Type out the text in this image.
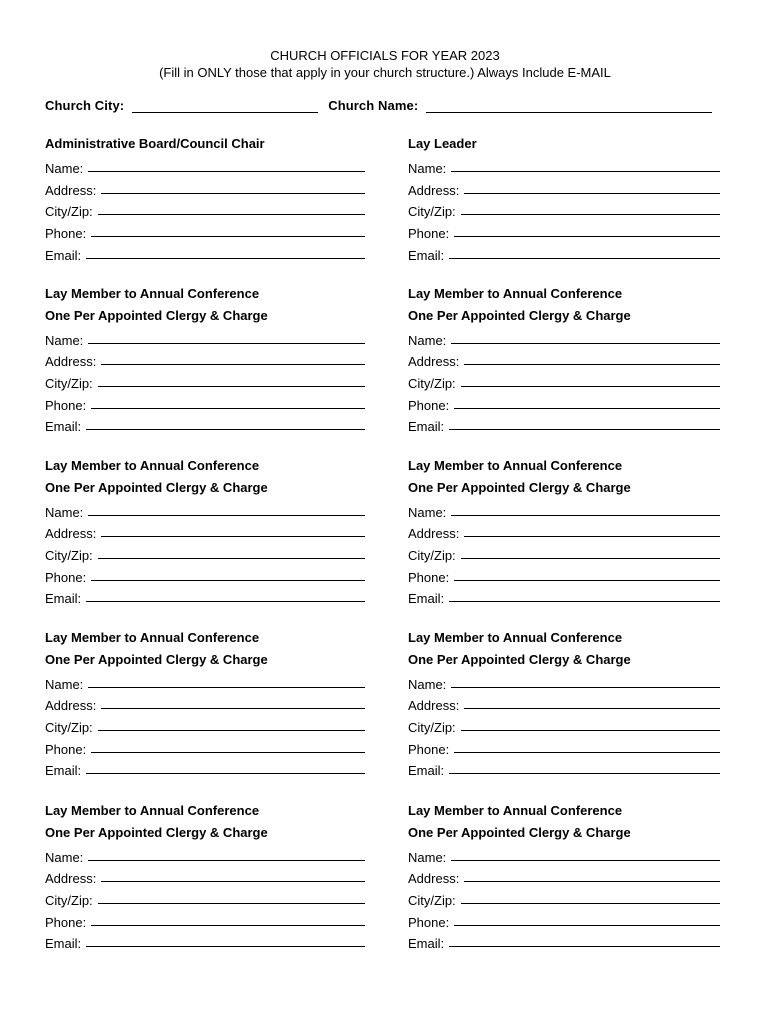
CHURCH OFFICIALS FOR YEAR 2023
(Fill in ONLY those that apply in your church structure.) Always Include E-MAIL
Church City:	Church Name:
Administrative Board/Council Chair
Name:
Address:
City/Zip:
Phone:
Email:
Lay Member to Annual Conference
One Per Appointed Clergy & Charge
Name:
Address:
City/Zip:
Phone:
Email:
Lay Member to Annual Conference
One Per Appointed Clergy & Charge
Name:
Address:
City/Zip:
Phone:
Email:
Lay Member to Annual Conference
One Per Appointed Clergy & Charge
Name:
Address:
City/Zip:
Phone:
Email:
Lay Member to Annual Conference
One Per Appointed Clergy & Charge
Name:
Address:
City/Zip:
Phone:
Email:
Lay Leader
Name:
Address:
City/Zip:
Phone:
Email:
Lay Member to Annual Conference
One Per Appointed Clergy & Charge
Name:
Address:
City/Zip:
Phone:
Email:
Lay Member to Annual Conference
One Per Appointed Clergy & Charge
Name:
Address:
City/Zip:
Phone:
Email:
Lay Member to Annual Conference
One Per Appointed Clergy & Charge
Name:
Address:
City/Zip:
Phone:
Email:
Lay Member to Annual Conference
One Per Appointed Clergy & Charge
Name:
Address:
City/Zip:
Phone:
Email:
